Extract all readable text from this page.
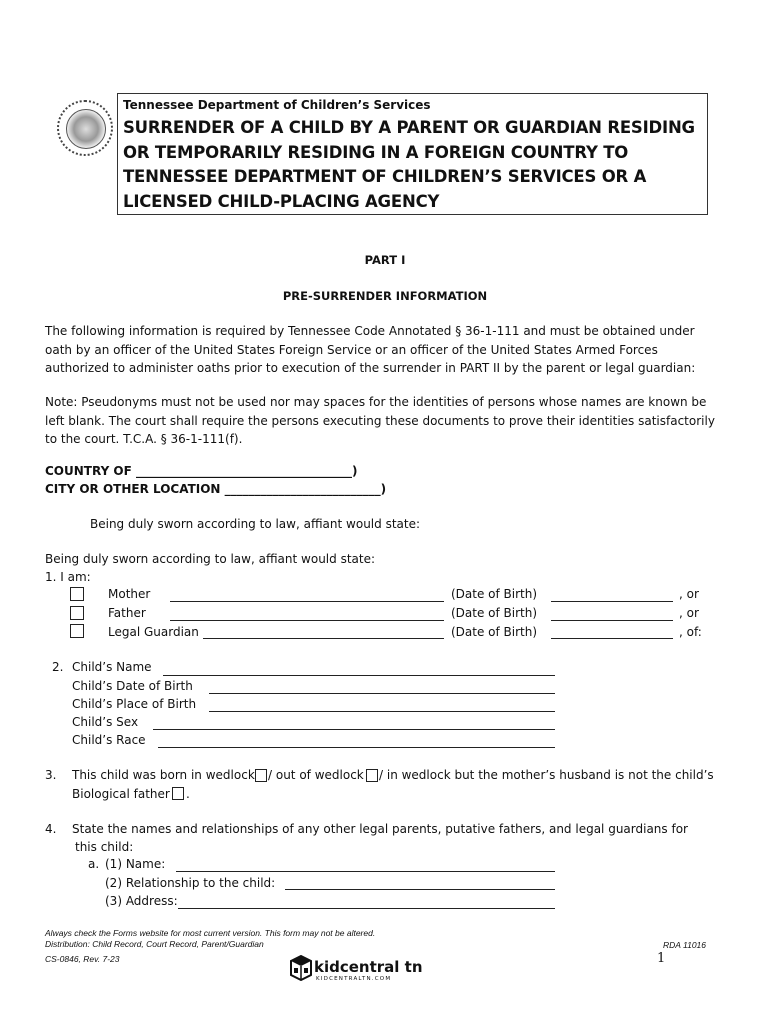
Tennessee Department of Children’s Services
SURRENDER OF A CHILD BY A PARENT OR GUARDIAN RESIDING OR TEMPORARILY RESIDING IN A FOREIGN COUNTRY TO TENNESSEE DEPARTMENT OF CHILDREN’S SERVICES OR A LICENSED CHILD-PLACING AGENCY
PART I
PRE-SURRENDER INFORMATION
The following information is required by Tennessee Code Annotated § 36-1-111 and must be obtained under oath by an officer of the United States Foreign Service or an officer of the United States Armed Forces authorized to administer oaths prior to execution of the surrender in PART II by the parent or legal guardian:
Note: Pseudonyms must not be used nor may spaces for the identities of persons whose names are known be left blank. The court shall require the persons executing these documents to prove their identities satisfactorily to the court. T.C.A. § 36-1-111(f).
COUNTRY OF ____________________________________)
CITY OR OTHER LOCATION __________________________)
Being duly sworn according to law, affiant would state:
Being duly sworn according to law, affiant would state:
1. I am:
Mother	(Date of Birth)	, or
Father	(Date of Birth)	, or
Legal Guardian	(Date of Birth)	, of:
2. Child’s Name
Child’s Date of Birth
Child’s Place of Birth
Child’s Sex
Child’s Race
3. This child was born in wedlock / out of wedlock / in wedlock but the mother’s husband is not the child’s
Biological father .
4. State the names and relationships of any other legal parents, putative fathers, and legal guardians for
this child:
a. (1) Name:
(2) Relationship to the child:
(3) Address:
Always check the Forms website for most current version. This form may not be altered.
Distribution: Child Record, Court Record, Parent/Guardian
CS-0846, Rev. 7-23
RDA 11016
1
kidcentral tn
KIDCENTRALTN.COM
